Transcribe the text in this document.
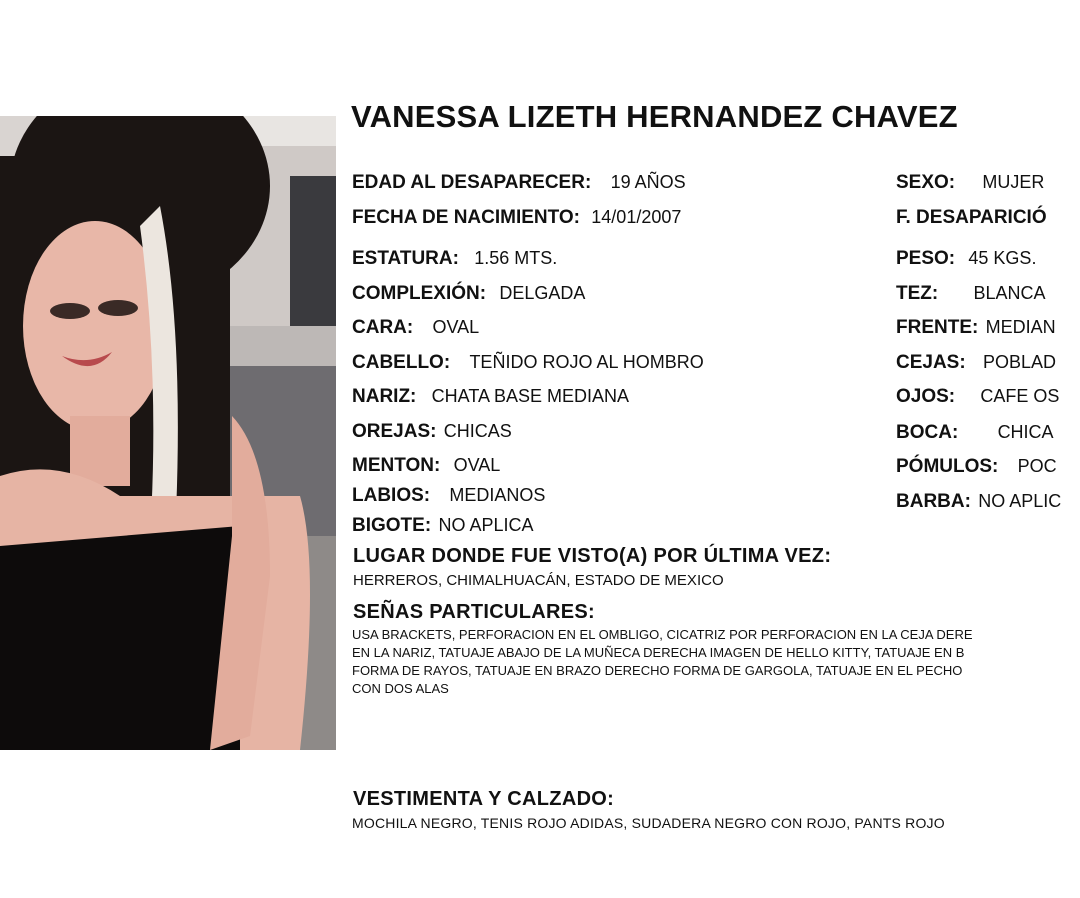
VANESSA LIZETH HERNANDEZ CHAVEZ
EDAD AL DESAPARECER: 19 AÑOS
FECHA DE NACIMIENTO: 14/01/2007
ESTATURA: 1.56 MTS.
COMPLEXIÓN: DELGADA
CARA: OVAL
CABELLO: TEÑIDO ROJO AL HOMBRO
NARIZ: CHATA BASE MEDIANA
OREJAS: CHICAS
MENTON: OVAL
LABIOS: MEDIANOS
BIGOTE: NO APLICA
SEXO: MUJER
F. DESAPARICIÓ
PESO: 45 KGS.
TEZ: BLANCA
FRENTE: MEDIAN
CEJAS: POBLAD
OJOS: CAFE OS
BOCA: CHICA
PÓMULOS: POC
BARBA: NO APLIC
LUGAR DONDE FUE VISTO(A) POR ÚLTIMA VEZ:

HERREROS, CHIMALHUACÁN, ESTADO DE MEXICO

SEÑAS PARTICULARES:

USA BRACKETS, PERFORACION EN EL OMBLIGO, CICATRIZ POR PERFORACION EN LA CEJA DERE
EN LA NARIZ, TATUAJE ABAJO DE LA MUÑECA DERECHA IMAGEN DE HELLO KITTY, TATUAJE EN B
FORMA DE RAYOS, TATUAJE EN BRAZO DERECHO FORMA DE GARGOLA, TATUAJE EN EL PECHO
CON DOS ALAS

VESTIMENTA Y CALZADO:

MOCHILA NEGRO, TENIS ROJO ADIDAS, SUDADERA NEGRO CON ROJO, PANTS ROJO
